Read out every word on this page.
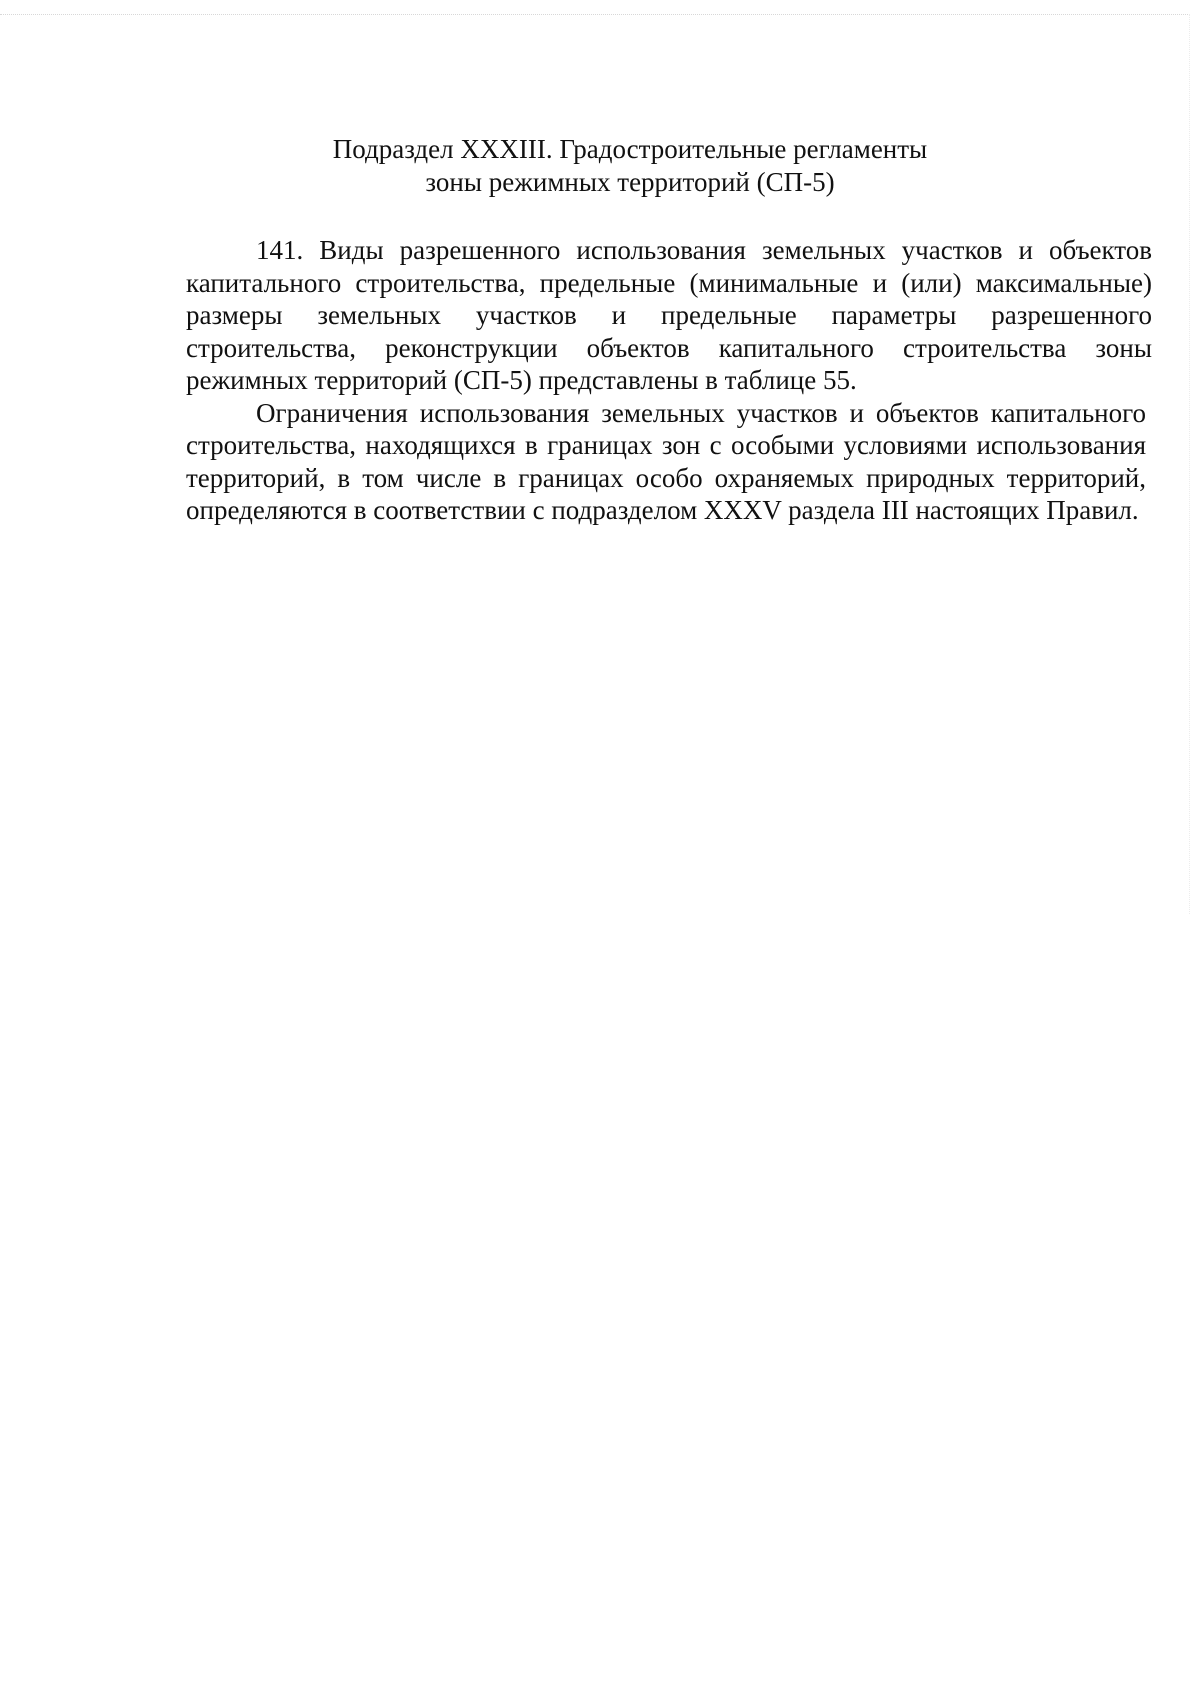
Подраздел XXXIII. Градостроительные регламенты
зоны режимных территорий (СП-5)

141. Виды разрешенного использования земельных участков и объектов капитального строительства, предельные (минимальные и (или) максимальные) размеры земельных участков и предельные параметры разрешенного строительства, реконструкции объектов капитального строительства зоны режимных территорий (СП-5) представлены в таблице 55.

Ограничения использования земельных участков и объектов капитального строительства, находящихся в границах зон с особыми условиями использования территорий, в том числе в границах особо охраняемых природных территорий, определяются в соответствии с подразделом XXXV раздела III настоящих Правил.
